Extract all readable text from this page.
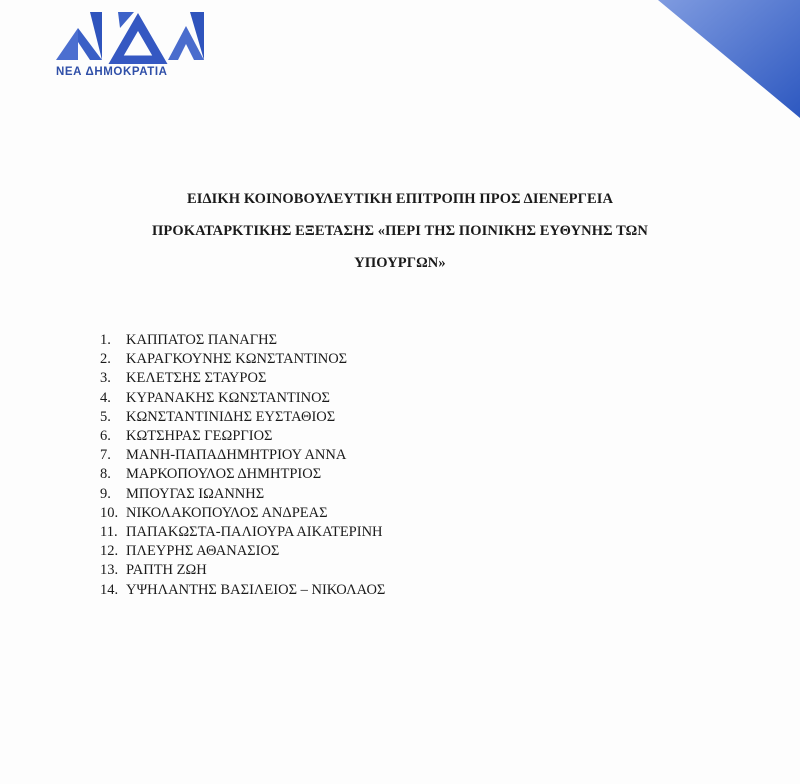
ΝΕΑ ΔΗΜΟΚΡΑΤΙΑ
ΕΙΔΙΚΗ ΚΟΙΝΟΒΟΥΛΕΥΤΙΚΗ ΕΠΙΤΡΟΠΗ ΠΡΟΣ ΔΙΕΝΕΡΓΕΙΑ
ΠΡΟΚΑΤΑΡΚΤΙΚΗΣ ΕΞΕΤΑΣΗΣ «ΠΕΡΙ ΤΗΣ ΠΟΙΝΙΚΗΣ ΕΥΘΥΝΗΣ ΤΩΝ
ΥΠΟΥΡΓΩΝ»
1. ΚΑΠΠΑΤΟΣ ΠΑΝΑΓΗΣ
2. ΚΑΡΑΓΚΟΥΝΗΣ ΚΩΝΣΤΑΝΤΙΝΟΣ
3. ΚΕΛΕΤΣΗΣ ΣΤΑΥΡΟΣ
4. ΚΥΡΑΝΑΚΗΣ ΚΩΝΣΤΑΝΤΙΝΟΣ
5. ΚΩΝΣΤΑΝΤΙΝΙΔΗΣ ΕΥΣΤΑΘΙΟΣ
6. ΚΩΤΣΗΡΑΣ ΓΕΩΡΓΙΟΣ
7. ΜΑΝΗ-ΠΑΠΑΔΗΜΗΤΡΙΟΥ ΑΝΝΑ
8. ΜΑΡΚΟΠΟΥΛΟΣ ΔΗΜΗΤΡΙΟΣ
9. ΜΠΟΥΓΑΣ ΙΩΑΝΝΗΣ
10. ΝΙΚΟΛΑΚΟΠΟΥΛΟΣ ΑΝΔΡΕΑΣ
11. ΠΑΠΑΚΩΣΤΑ-ΠΑΛΙΟΥΡΑ ΑΙΚΑΤΕΡΙΝΗ
12. ΠΛΕΥΡΗΣ ΑΘΑΝΑΣΙΟΣ
13. ΡΑΠΤΗ ΖΩΗ
14. ΥΨΗΛΑΝΤΗΣ ΒΑΣΙΛΕΙΟΣ – ΝΙΚΟΛΑΟΣ
